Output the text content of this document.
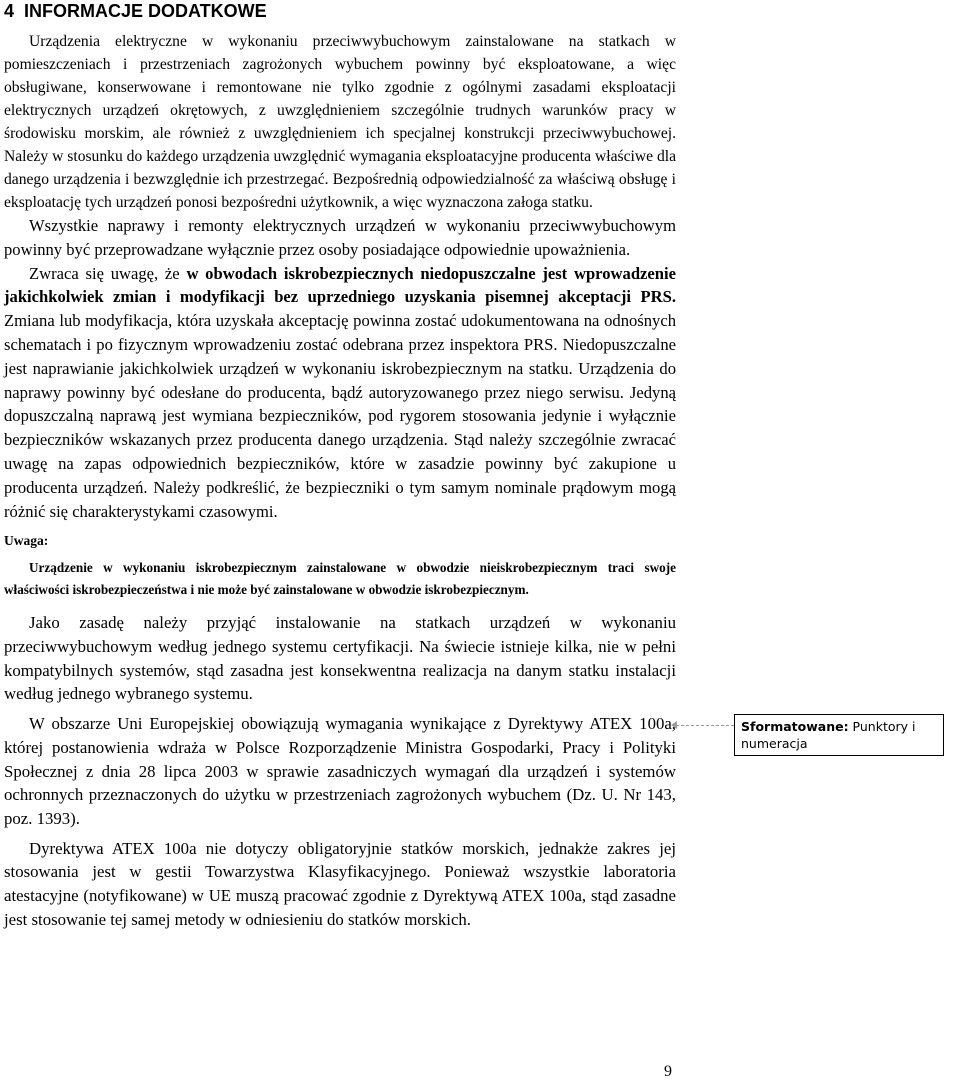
4 INFORMACJE DODATKOWE

Urządzenia elektryczne w wykonaniu przeciwwybuchowym zainstalowane na statkach w pomieszczeniach i przestrzeniach zagrożonych wybuchem powinny być eksploatowane, a więc obsługiwane, konserwowane i remontowane nie tylko zgodnie z ogólnymi zasadami eksploatacji elektrycznych urządzeń okrętowych, z uwzględnieniem szczególnie trudnych warunków pracy w środowisku morskim, ale również z uwzględnieniem ich specjalnej konstrukcji przeciwwybuchowej. Należy w stosunku do każdego urządzenia uwzględnić wymagania eksploatacyjne producenta właściwe dla danego urządzenia i bezwzględnie ich przestrzegać. Bezpośrednią odpowiedzialność za właściwą obsługę i eksploatację tych urządzeń ponosi bezpośredni użytkownik, a więc wyznaczona załoga statku.

Wszystkie naprawy i remonty elektrycznych urządzeń w wykonaniu przeciwwybuchowym powinny być przeprowadzane wyłącznie przez osoby posiadające odpowiednie upoważnienia.

Zwraca się uwagę, że w obwodach iskrobezpiecznych niedopuszczalne jest wprowadzenie jakichkolwiek zmian i modyfikacji bez uprzedniego uzyskania pisemnej akceptacji PRS. Zmiana lub modyfikacja, która uzyskała akceptację powinna zostać udokumentowana na odnośnych schematach i po fizycznym wprowadzeniu zostać odebrana przez inspektora PRS. Niedopuszczalne jest naprawianie jakichkolwiek urządzeń w wykonaniu iskrobezpiecznym na statku. Urządzenia do naprawy powinny być odesłane do producenta, bądź autoryzowanego przez niego serwisu. Jedyną dopuszczalną naprawą jest wymiana bezpieczników, pod rygorem stosowania jedynie i wyłącznie bezpieczników wskazanych przez producenta danego urządzenia. Stąd należy szczególnie zwracać uwagę na zapas odpowiednich bezpieczników, które w zasadzie powinny być zakupione u producenta urządzeń. Należy podkreślić, że bezpieczniki o tym samym nominale prądowym mogą różnić się charakterystykami czasowymi.

Uwaga:
Urządzenie w wykonaniu iskrobezpiecznym zainstalowane w obwodzie nieiskrobezpiecznym traci swoje właściwości iskrobezpieczeństwa i nie może być zainstalowane w obwodzie iskrobezpiecznym.

Jako zasadę należy przyjąć instalowanie na statkach urządzeń w wykonaniu przeciwwybuchowym według jednego systemu certyfikacji. Na świecie istnieje kilka, nie w pełni kompatybilnych systemów, stąd zasadna jest konsekwentna realizacja na danym statku instalacji według jednego wybranego systemu.

W obszarze Uni Europejskiej obowiązują wymagania wynikające z Dyrektywy ATEX 100a, której postanowienia wdraża w Polsce Rozporządzenie Ministra Gospodarki, Pracy i Polityki Społecznej z dnia 28 lipca 2003 w sprawie zasadniczych wymagań dla urządzeń i systemów ochronnych przeznaczonych do użytku w przestrzeniach zagrożonych wybuchem (Dz. U. Nr 143, poz. 1393).

Dyrektywa ATEX 100a nie dotyczy obligatoryjnie statków morskich, jednakże zakres jej stosowania jest w gestii Towarzystwa Klasyfikacyjnego. Ponieważ wszystkie laboratoria atestacyjne (notyfikowane) w UE muszą pracować zgodnie z Dyrektywą ATEX 100a, stąd zasadne jest stosowanie tej samej metody w odniesieniu do statków morskich.

Sformatowane: Punktory i numeracja
9
